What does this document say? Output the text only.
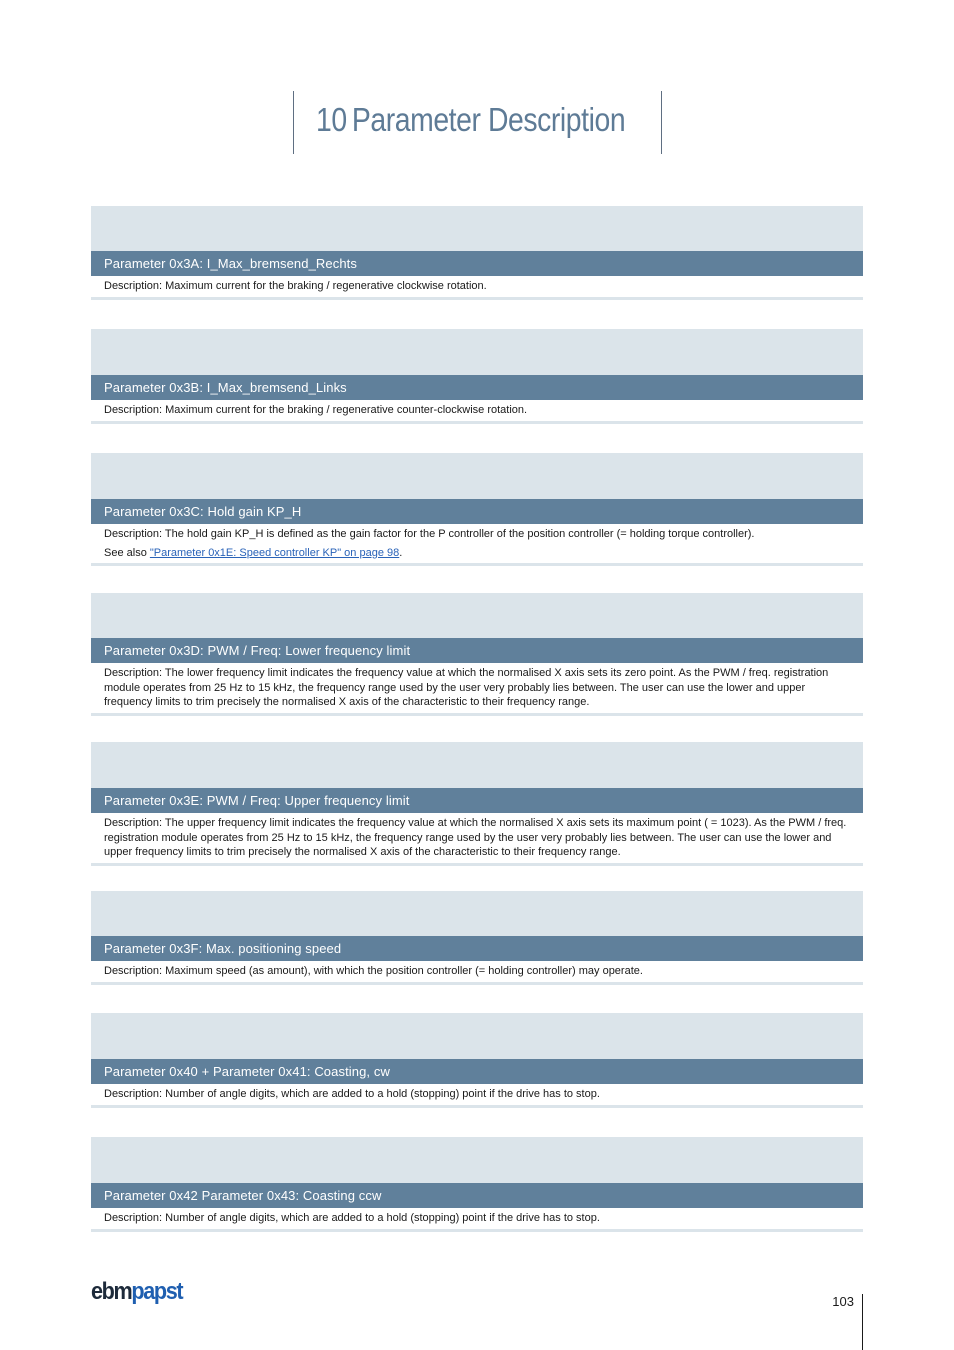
10 Parameter Description
Parameter 0x3A: I_Max_bremsend_Rechts

Description: Maximum current for the braking / regenerative clockwise rotation.

Parameter 0x3B: I_Max_bremsend_Links

Description: Maximum current for the braking / regenerative counter-clockwise rotation.

Parameter 0x3C: Hold gain KP_H

Description: The hold gain KP_H is defined as the gain factor for the P controller of the position controller (= holding torque controller).

See also "Parameter 0x1E: Speed controller KP" on page 98.

Parameter 0x3D: PWM / Freq: Lower frequency limit

Description: The lower frequency limit indicates the frequency value at which the normalised X axis sets its zero point. As the PWM / freq. registration module operates from 25 Hz to 15 kHz, the frequency range used by the user very probably lies between. The user can use the lower and upper frequency limits to trim precisely the normalised X axis of the characteristic to their frequency range.

Parameter 0x3E: PWM / Freq: Upper frequency limit

Description: The upper frequency limit indicates the frequency value at which the normalised X axis sets its maximum point ( = 1023). As the PWM / freq. registration module operates from 25 Hz to 15 kHz, the frequency range used by the user very probably lies between. The user can use the lower and upper frequency limits to trim precisely the normalised X axis of the characteristic to their frequency range.

Parameter 0x3F: Max. positioning speed

Description: Maximum speed (as amount), with which the position controller (= holding controller) may operate.

Parameter 0x40 + Parameter 0x41: Coasting, cw

Description: Number of angle digits, which are added to a hold (stopping) point if the drive has to stop.

Parameter 0x42 Parameter 0x43: Coasting ccw

Description: Number of angle digits, which are added to a hold (stopping) point if the drive has to stop.

ebmpapst	103
